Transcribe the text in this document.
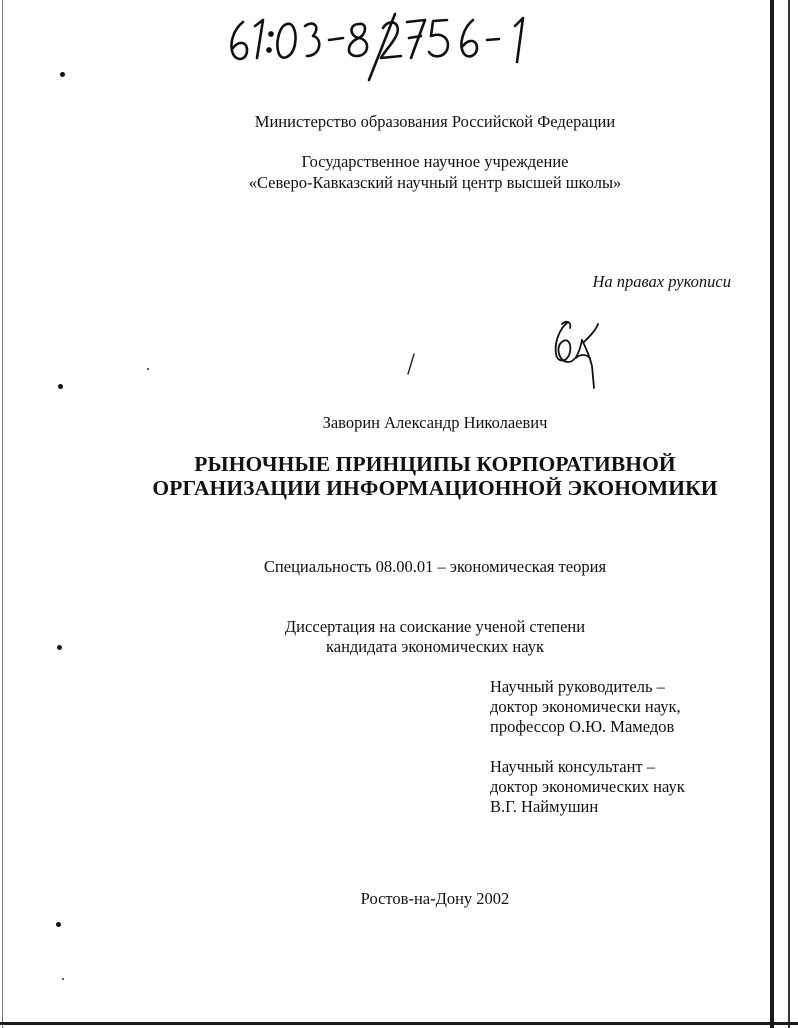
Министерство образования Российской Федерации
Государственное научное учреждение
«Северо-Кавказский научный центр высшей школы»
На правах рукописи
Заворин Александр Николаевич
РЫНОЧНЫЕ ПРИНЦИПЫ КОРПОРАТИВНОЙ
ОРГАНИЗАЦИИ ИНФОРМАЦИОННОЙ ЭКОНОМИКИ
Специальность 08.00.01 – экономическая теория
Диссертация на соискание ученой степени
кандидата экономических наук
Научный руководитель –
доктор экономически наук,
профессор О.Ю. Мамедов
Научный консультант –
доктор экономических наук
В.Г. Наймушин
Ростов-на-Дону 2002
